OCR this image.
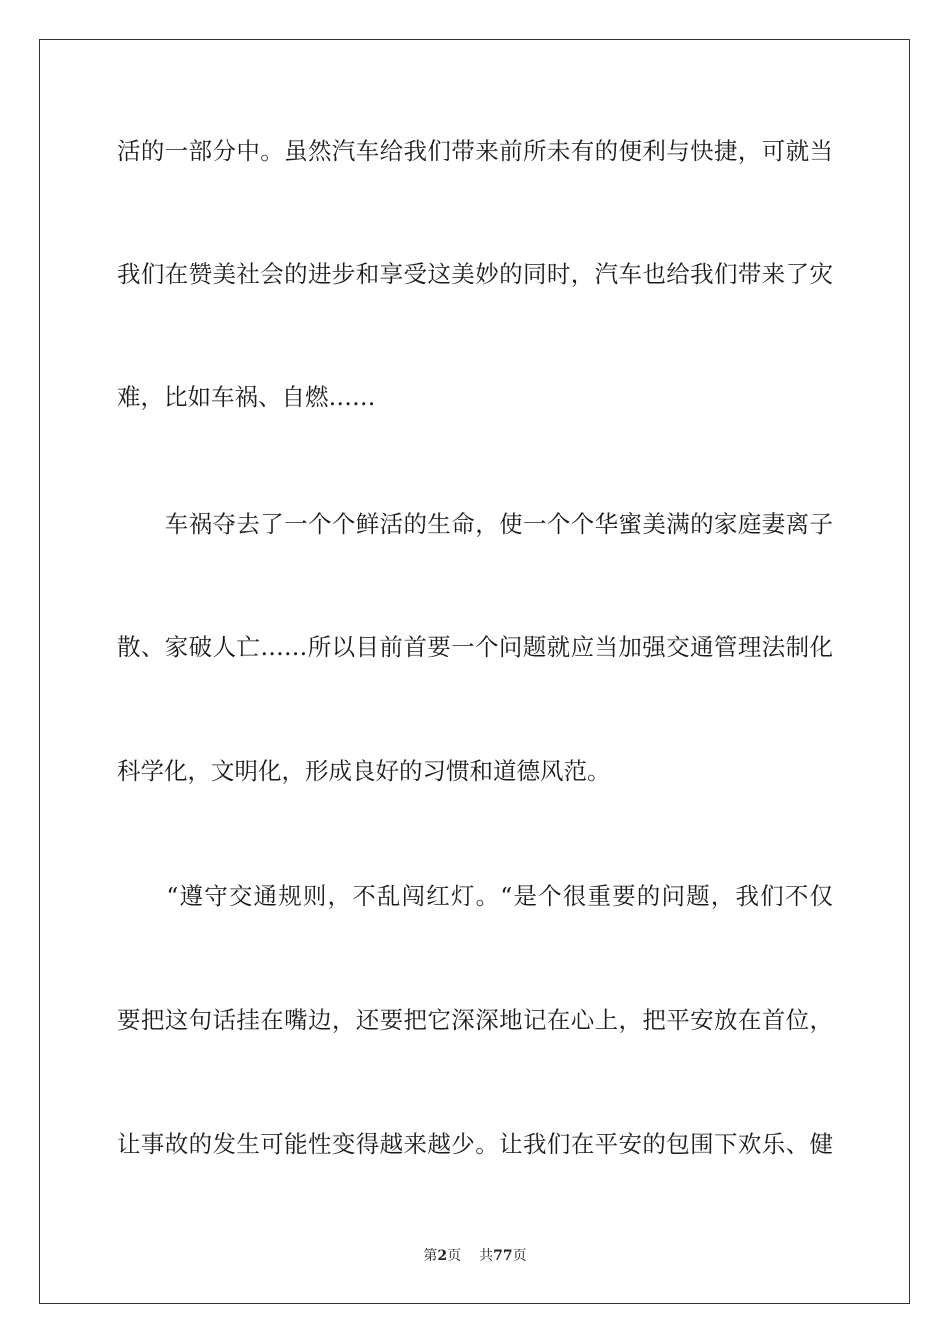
活的一部分中。虽然汽车给我们带来前所未有的便利与快捷，可就当
我们在赞美社会的进步和享受这美妙的同时，汽车也给我们带来了灾
难，比如车祸、自燃……
　　车祸夺去了一个个鲜活的生命，使一个个华蜜美满的家庭妻离子
散、家破人亡……所以目前首要一个问题就应当加强交通管理法制化
科学化，文明化，形成良好的习惯和道德风范。
　　“遵守交通规则，不乱闯红灯。“是个很重要的问题，我们不仅
要把这句话挂在嘴边，还要把它深深地记在心上，把平安放在首位，
让事故的发生可能性变得越来越少。让我们在平安的包围下欢乐、健
第2页 共77页
